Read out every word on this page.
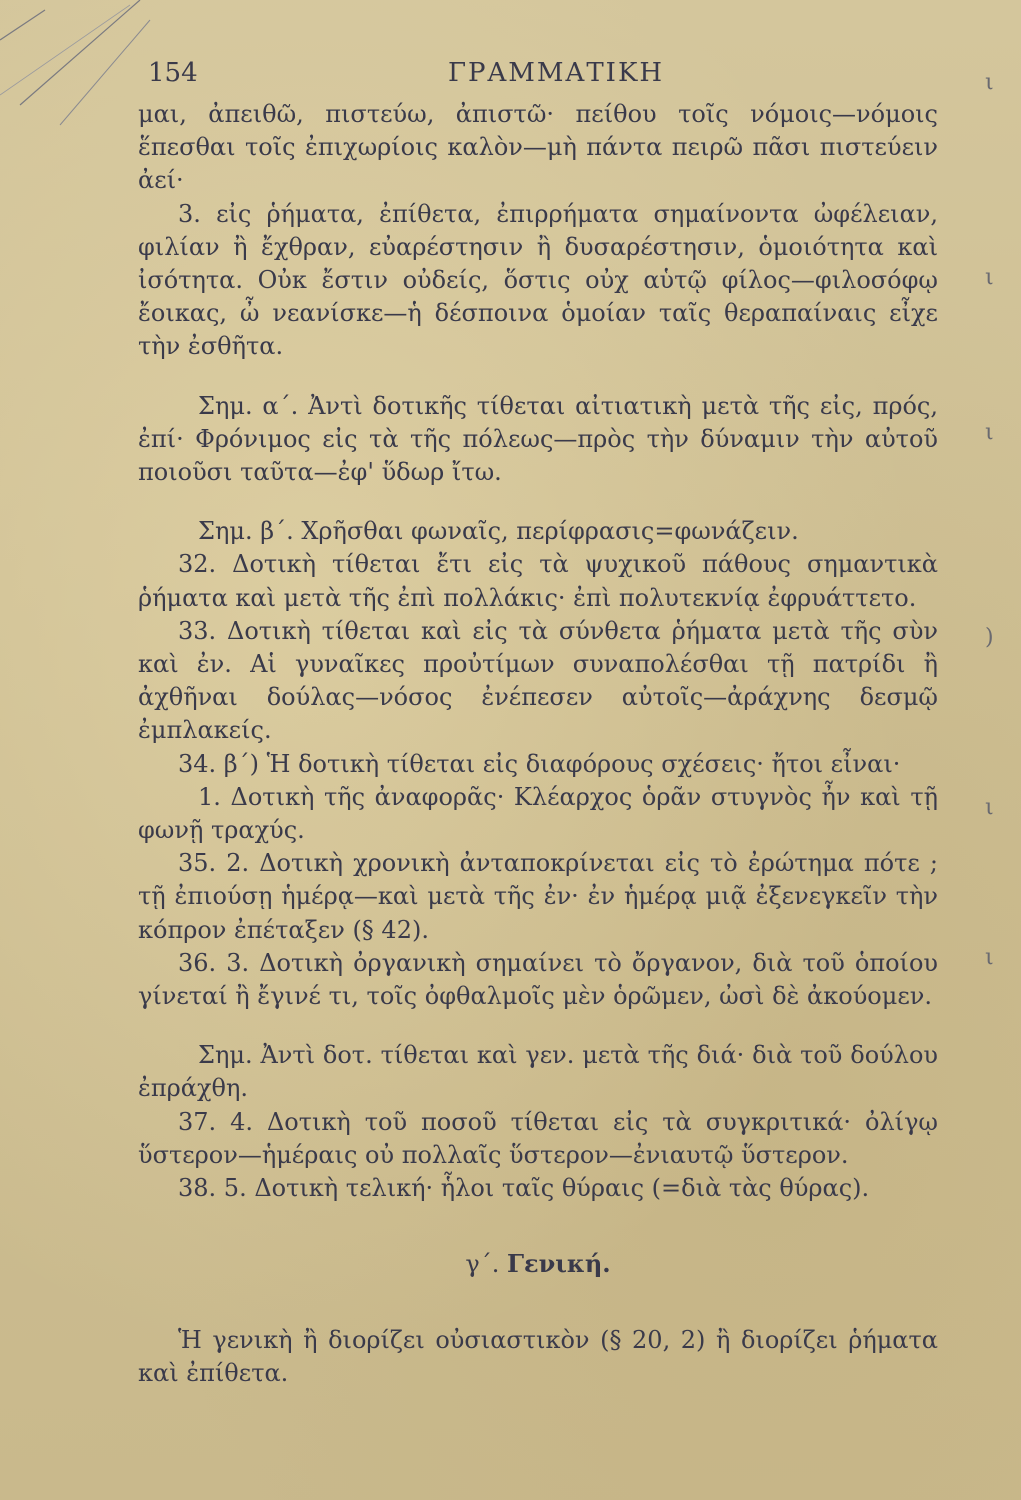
154	ΓΡΑΜΜΑΤΙΚΗ

μαι, ἀπειθῶ, πιστεύω, ἀπιστῶ· πείθου τοῖς νόμοις—νόμοις ἕπεσθαι τοῖς ἐπιχωρίοις καλὸν—μὴ πάντα πειρῶ πᾶσι πιστεύειν ἀεί·

3. εἰς ῥήματα, ἐπίθετα, ἐπιρρήματα σημαίνοντα ὠφέλειαν, φιλίαν ἢ ἔχθραν, εὐαρέστησιν ἢ δυσαρέστησιν, ὁμοιότητα καὶ ἰσότητα. Οὐκ ἔστιν οὐδείς, ὅστις οὐχ αὑτῷ φίλος—φιλοσόφῳ ἔοικας, ὦ νεανίσκε—ἡ δέσποινα ὁμοίαν ταῖς θεραπαίναις εἶχε τὴν ἐσθῆτα.

Σημ. α΄. Ἀντὶ δοτικῆς τίθεται αἰτιατικὴ μετὰ τῆς εἰς, πρός, ἐπί· Φρόνιμος εἰς τὰ τῆς πόλεως—πρὸς τὴν δύναμιν τὴν αὐτοῦ ποιοῦσι ταῦτα—ἐφ' ὕδωρ ἴτω.

Σημ. β΄. Χρῆσθαι φωναῖς, περίφρασις=φωνάζειν.

32. Δοτικὴ τίθεται ἔτι εἰς τὰ ψυχικοῦ πάθους σημαντικὰ ῥήματα καὶ μετὰ τῆς ἐπὶ πολλάκις· ἐπὶ πολυτεκνίᾳ ἐφρυάττετο.

33. Δοτικὴ τίθεται καὶ εἰς τὰ σύνθετα ῥήματα μετὰ τῆς σὺν καὶ ἐν. Αἱ γυναῖκες προὐτίμων συναπολέσθαι τῇ πατρίδι ἢ ἀχθῆναι δούλας—νόσος ἐνέπεσεν αὐτοῖς—ἀράχνης δεσμῷ ἐμπλακείς.

34. β΄) Ἡ δοτικὴ τίθεται εἰς διαφόρους σχέσεις· ἤτοι εἶναι·

1. Δοτικὴ τῆς ἀναφορᾶς· Κλέαρχος ὁρᾶν στυγνὸς ἦν καὶ τῇ φωνῇ τραχύς.

35. 2. Δοτικὴ χρονικὴ ἀνταποκρίνεται εἰς τὸ ἐρώτημα πότε ; τῇ ἐπιούσῃ ἡμέρᾳ—καὶ μετὰ τῆς ἐν· ἐν ἡμέρᾳ μιᾷ ἐξενεγκεῖν τὴν κόπρον ἐπέταξεν (§ 42).

36. 3. Δοτικὴ ὀργανικὴ σημαίνει τὸ ὄργανον, διὰ τοῦ ὁποίου γίνεταί ἢ ἔγινέ τι, τοῖς ὀφθαλμοῖς μὲν ὁρῶμεν, ὠσὶ δὲ ἀκούομεν.

Σημ. Ἀντὶ δοτ. τίθεται καὶ γεν. μετὰ τῆς διά· διὰ τοῦ δούλου ἐπράχθη.

37. 4. Δοτικὴ τοῦ ποσοῦ τίθεται εἰς τὰ συγκριτικά· ὀλίγῳ ὕστερον—ἡμέραις οὐ πολλαῖς ὕστερον—ἐνιαυτῷ ὕστερον.

38. 5. Δοτικὴ τελική· ἧλοι ταῖς θύραις (=διὰ τὰς θύρας).

γ΄. Γενική.

Ἡ γενικὴ ἢ διορίζει οὐσιαστικὸν (§ 20, 2) ἢ διορίζει ῥήματα καὶ ἐπίθετα.

ι
ι
ι
)
ι
ι
